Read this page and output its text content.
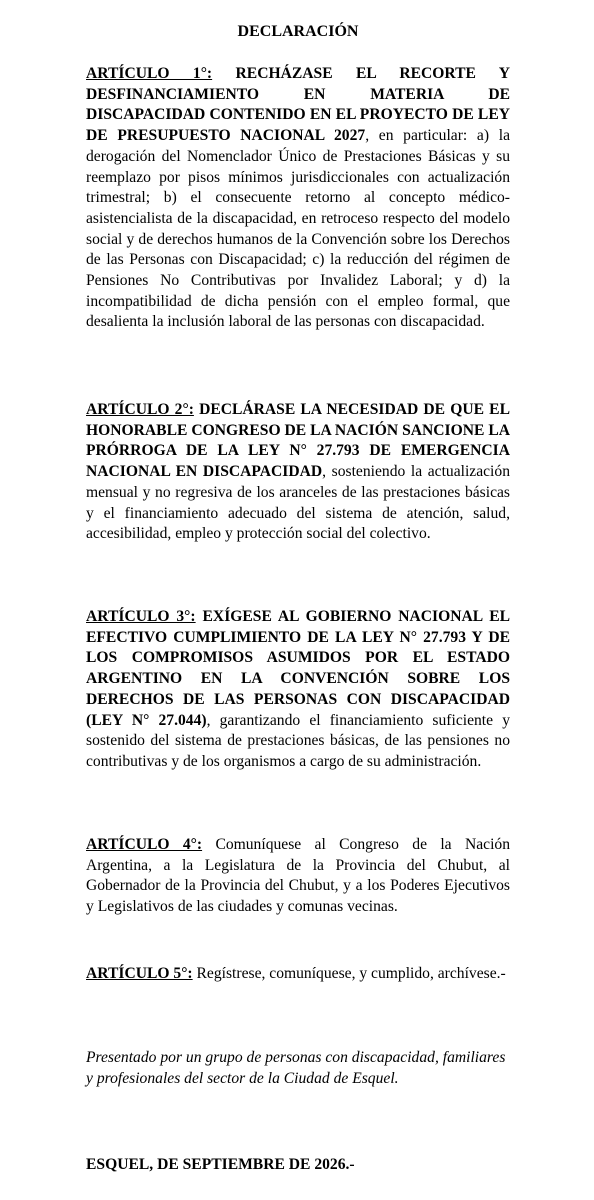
DECLARACIÓN

ARTÍCULO 1°: RECHÁZASE EL RECORTE Y DESFINANCIAMIENTO EN MATERIA DE DISCAPACIDAD CONTENIDO EN EL PROYECTO DE LEY DE PRESUPUESTO NACIONAL 2027, en particular: a) la derogación del Nomenclador Único de Prestaciones Básicas y su reemplazo por pisos mínimos jurisdiccionales con actualización trimestral; b) el consecuente retorno al concepto médico-asistencialista de la discapacidad, en retroceso respecto del modelo social y de derechos humanos de la Convención sobre los Derechos de las Personas con Discapacidad; c) la reducción del régimen de Pensiones No Contributivas por Invalidez Laboral; y d) la incompatibilidad de dicha pensión con el empleo formal, que desalienta la inclusión laboral de las personas con discapacidad.

ARTÍCULO 2°: DECLÁRASE LA NECESIDAD DE QUE EL HONORABLE CONGRESO DE LA NACIÓN SANCIONE LA PRÓRROGA DE LA LEY N° 27.793 DE EMERGENCIA NACIONAL EN DISCAPACIDAD, sosteniendo la actualización mensual y no regresiva de los aranceles de las prestaciones básicas y el financiamiento adecuado del sistema de atención, salud, accesibilidad, empleo y protección social del colectivo.

ARTÍCULO 3°: EXÍGESE AL GOBIERNO NACIONAL EL EFECTIVO CUMPLIMIENTO DE LA LEY N° 27.793 Y DE LOS COMPROMISOS ASUMIDOS POR EL ESTADO ARGENTINO EN LA CONVENCIÓN SOBRE LOS DERECHOS DE LAS PERSONAS CON DISCAPACIDAD (LEY N° 27.044), garantizando el financiamiento suficiente y sostenido del sistema de prestaciones básicas, de las pensiones no contributivas y de los organismos a cargo de su administración.

ARTÍCULO 4°: Comuníquese al Congreso de la Nación Argentina, a la Legislatura de la Provincia del Chubut, al Gobernador de la Provincia del Chubut, y a los Poderes Ejecutivos y Legislativos de las ciudades y comunas vecinas.

ARTÍCULO 5°: Regístrese, comuníquese, y cumplido, archívese.-

Presentado por un grupo de personas con discapacidad, familiares y profesionales del sector de la Ciudad de Esquel.
ESQUEL, DE SEPTIEMBRE DE 2026.-
